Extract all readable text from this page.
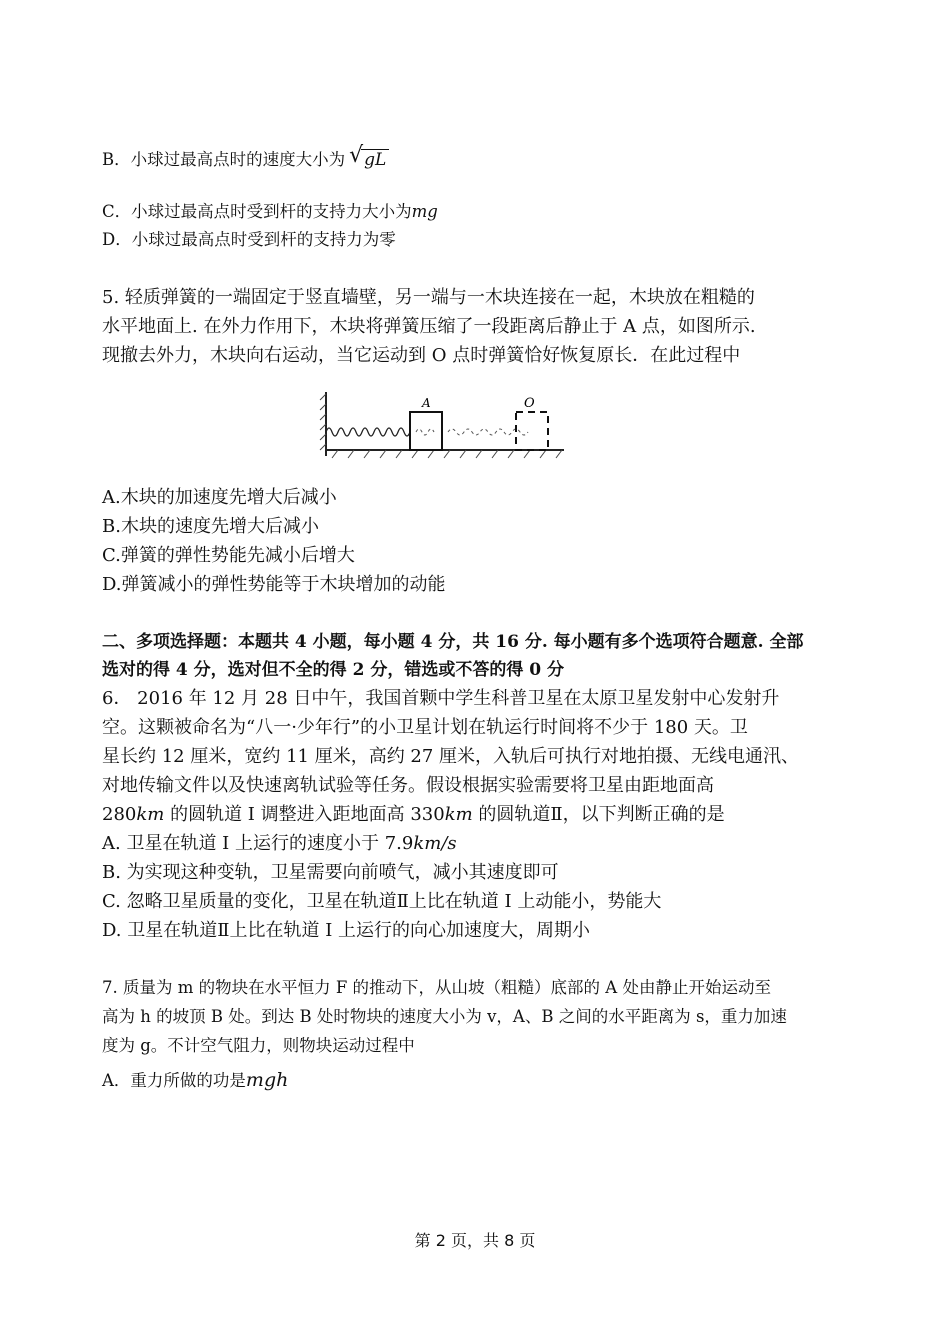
B．小球过最高点时的速度大小为 √ gL
C．小球过最高点时受到杆的支持力大小为mg
D．小球过最高点时受到杆的支持力为零
5. 轻质弹簧的一端固定于竖直墙壁，另一端与一木块连接在一起，木块放在粗糙的
水平地面上. 在外力作用下，木块将弹簧压缩了一段距离后静止于 A 点，如图所示.
现撤去外力，木块向右运动，当它运动到 O 点时弹簧恰好恢复原长．在此过程中
A	O
A.木块的加速度先增大后减小
B.木块的速度先增大后减小
C.弹簧的弹性势能先减小后增大
D.弹簧减小的弹性势能等于木块增加的动能
二、多项选择题：本题共 4 小题，每小题 4 分，共 16 分. 每小题有多个选项符合题意. 全部
选对的得 4 分，选对但不全的得 2 分，错选或不答的得 0 分
6． 2016 年 12 月 28 日中午，我国首颗中学生科普卫星在太原卫星发射中心发射升
空。这颗被命名为“八一·少年行”的小卫星计划在轨运行时间将不少于 180 天。卫
星长约 12 厘米，宽约 11 厘米，高约 27 厘米，入轨后可执行对地拍摄、无线电通汛、
对地传输文件以及快速离轨试验等任务。假设根据实验需要将卫星由距地面高
280km 的圆轨道 I 调整进入距地面高 330km 的圆轨道Ⅱ，以下判断正确的是
A. 卫星在轨道 I 上运行的速度小于 7.9km/s
B. 为实现这种变轨，卫星需要向前喷气，减小其速度即可
C. 忽略卫星质量的变化，卫星在轨道Ⅱ上比在轨道 I 上动能小，势能大
D. 卫星在轨道Ⅱ上比在轨道 I 上运行的向心加速度大，周期小
7. 质量为 m 的物块在水平恒力 F 的推动下，从山坡（粗糙）底部的 A 处由静止开始运动至
高为 h 的坡顶 B 处。到达 B 处时物块的速度大小为 v，A、B 之间的水平距离为 s，重力加速
度为 g。不计空气阻力，则物块运动过程中
A．重力所做的功是mgh
第 2 页，共 8 页
